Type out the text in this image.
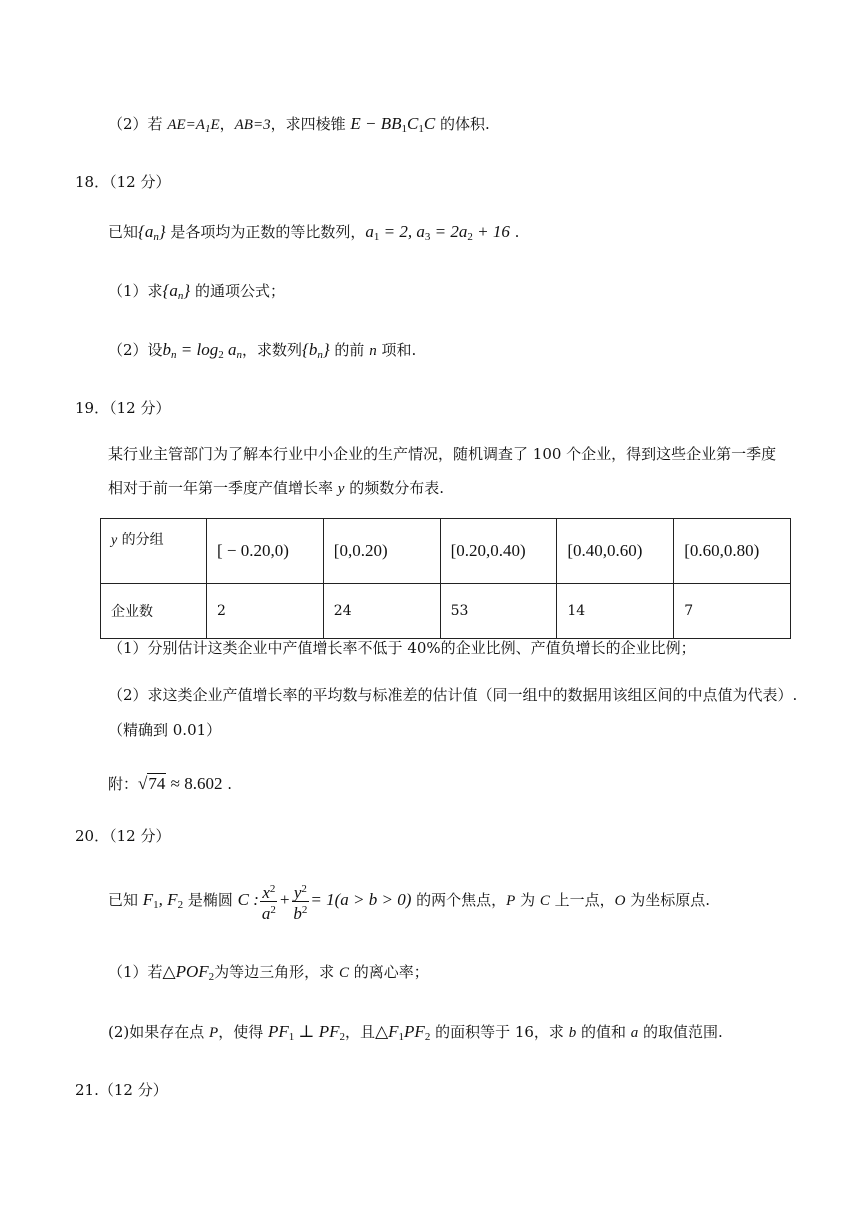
（2）若 $AE=A_1E$，AB=3，求四棱锥 $E - BB_1C_1C$ 的体积.
18．（12 分）
已知$\{a_n\}$ 是各项均为正数的等比数列，$a_1 = 2$, $a_3 = 2a_2 + 16$ .
（1）求$\{a_n\}$ 的通项公式；
（2）设$b_n = \log_2 a_n$，求数列$\{b_n\}$ 的前 n 项和.
19．（12 分）
某行业主管部门为了解本行业中小企业的生产情况，随机调查了 100 个企业，得到这些企业第一季度
相对于前一年第一季度产值增长率 y 的频数分布表.
y 的分组	[ − 0.20,0)	[0,0.20)	[0.20,0.40)	[0.40,0.60)	[0.60,0.80)
企业数	2	24	53	14	7
（1）分别估计这类企业中产值增长率不低于 40%的企业比例、产值负增长的企业比例；
（2）求这类企业产值增长率的平均数与标准差的估计值（同一组中的数据用该组区间的中点值为代表）.
（精确到 0.01）
附：√74 ≈ 8.602 .
20．（12 分）
已知 $F_1$, $F_2$ 是椭圆 C : $\frac{x^2}{a^2} + \frac{y^2}{b^2} = 1(a > b > 0)$ 的两个焦点，P 为 C 上一点，O 为坐标原点.
（1）若$\triangle POF_2$为等边三角形，求 C 的离心率；
(2)如果存在点 P，使得 $PF_1$ ⊥ $PF_2$，且$\triangle F_1PF_2$ 的面积等于 16，求 b 的值和 a 的取值范围.
21.（12 分）
